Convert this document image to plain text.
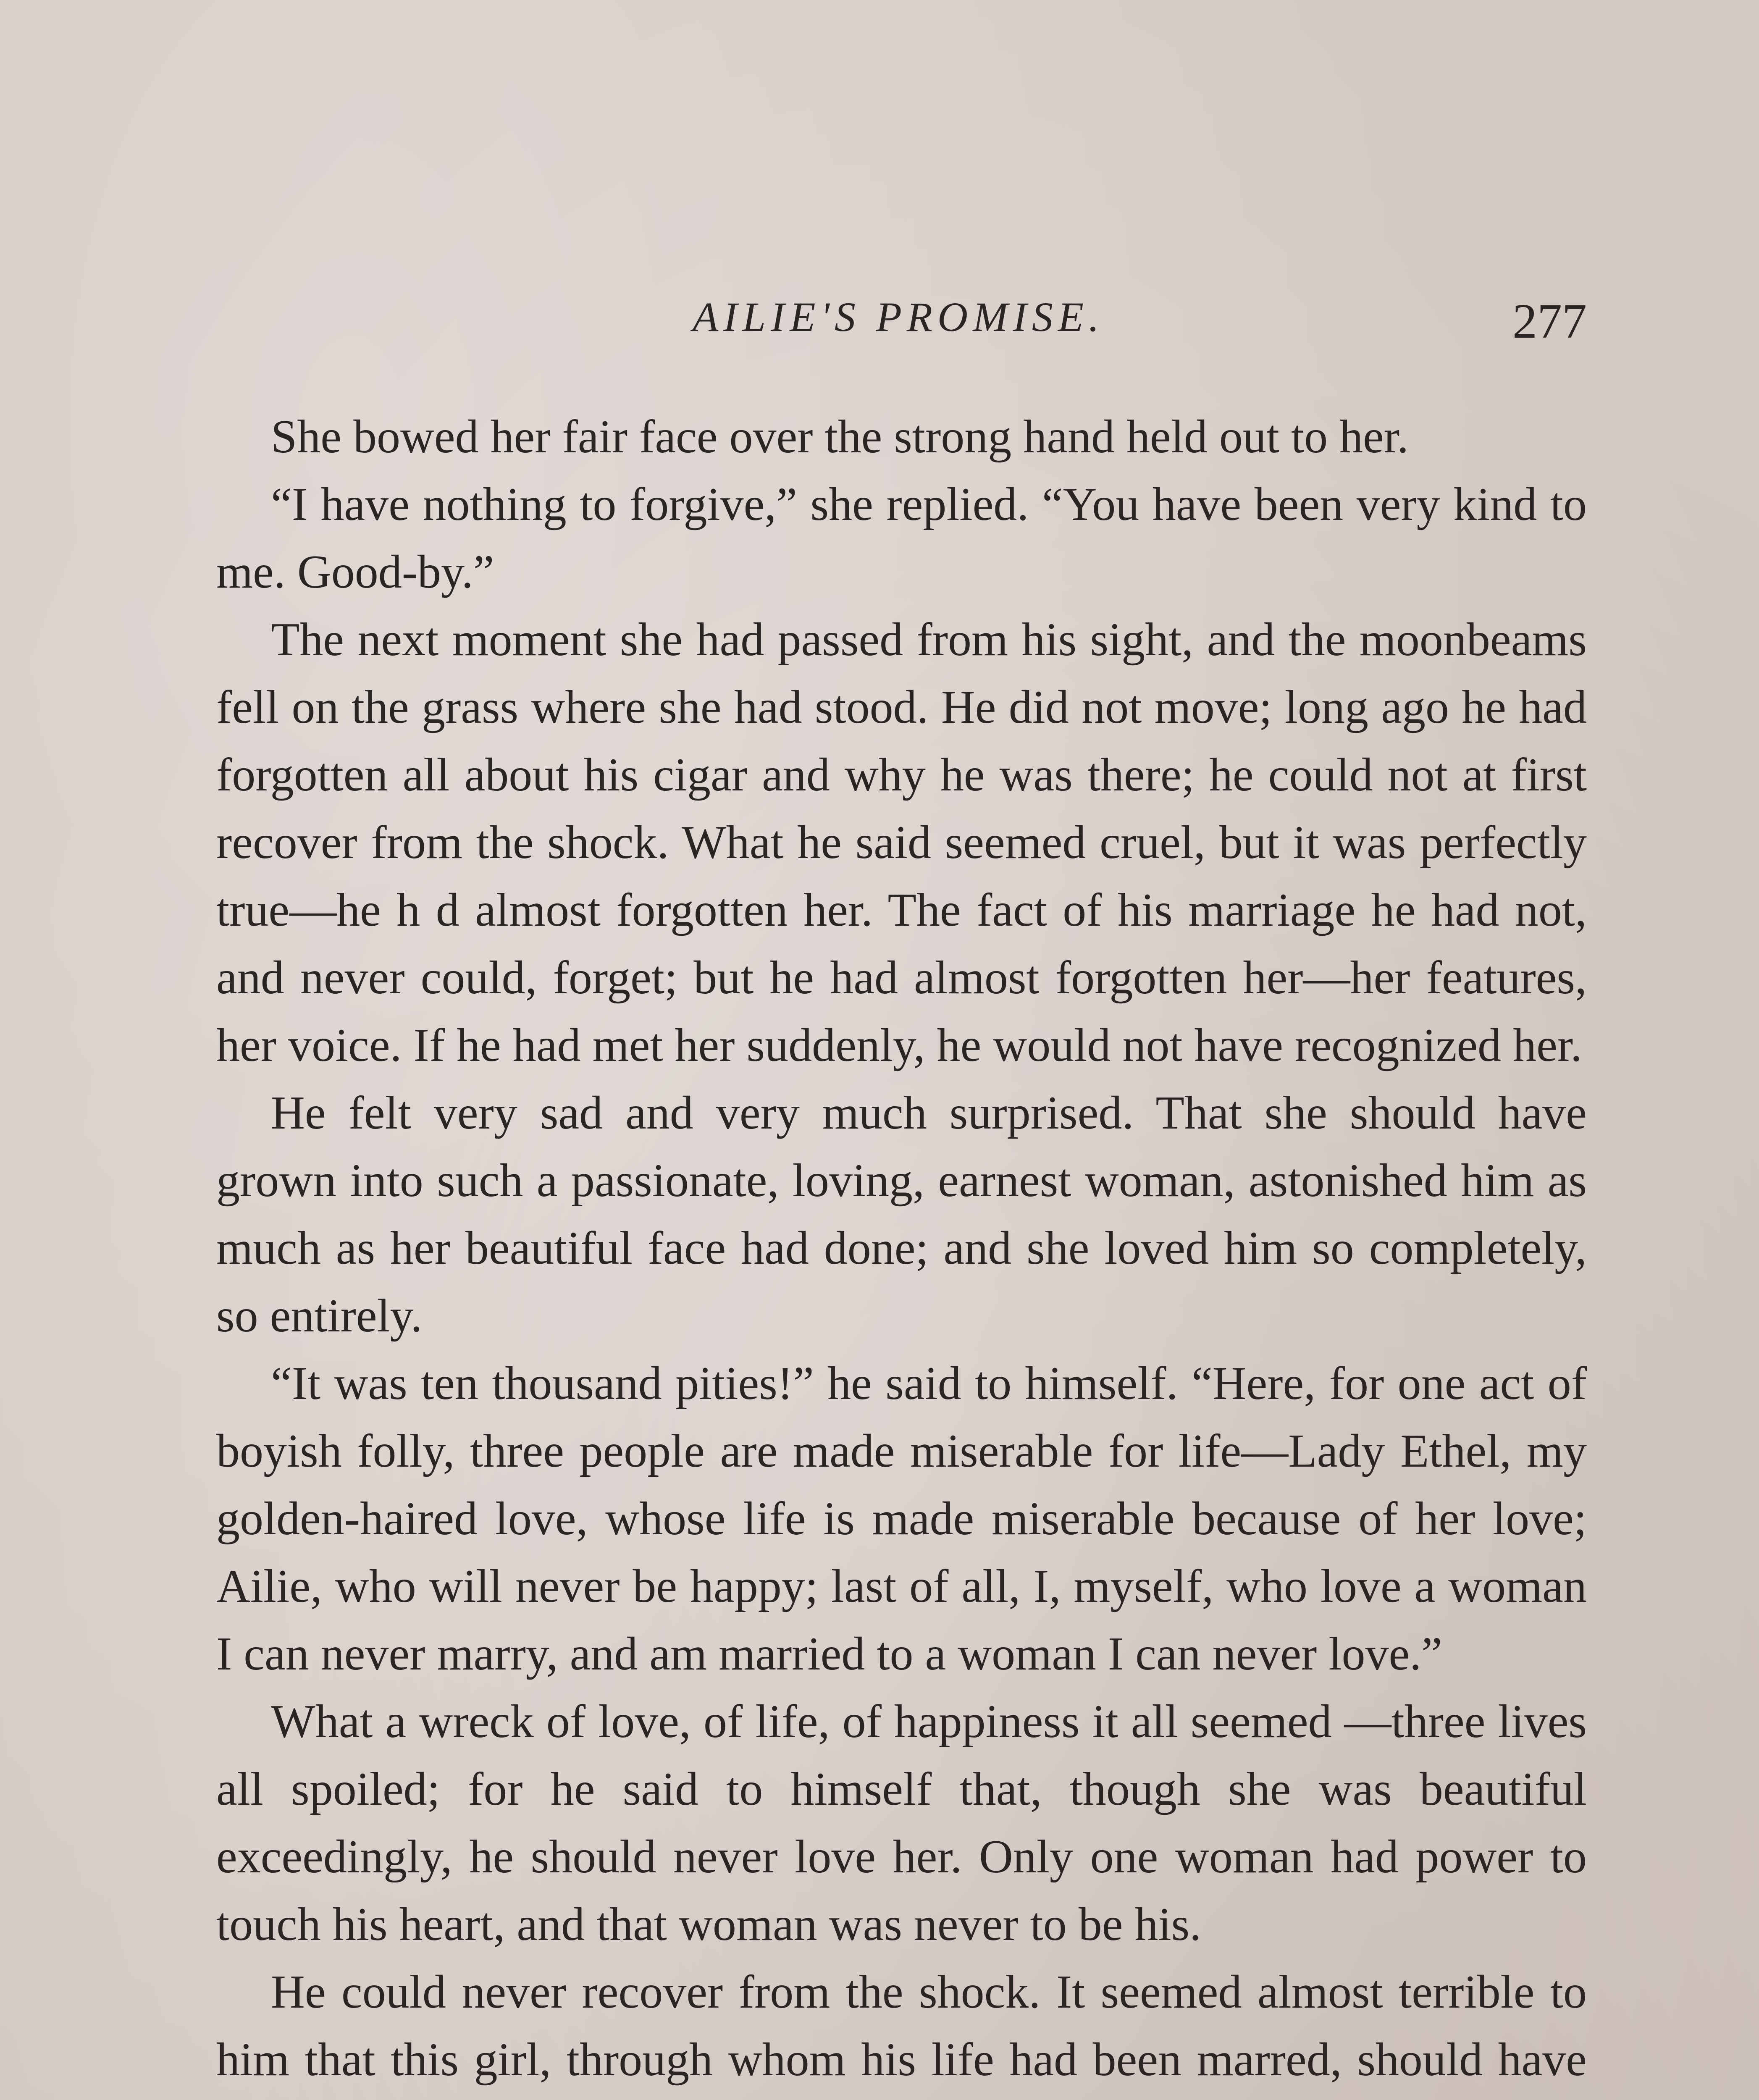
AILIE'S PROMISE.	277

She bowed her fair face over the strong hand held out to her.

“I have nothing to forgive,” she replied. “You have been very kind to me. Good-by.”

The next moment she had passed from his sight, and the moonbeams fell on the grass where she had stood. He did not move; long ago he had forgotten all about his cigar and why he was there; he could not at first recover from the shock. What he said seemed cruel, but it was perfectly true—he h d almost forgotten her. The fact of his marriage he had not, and never could, forget; but he had almost forgotten her—her features, her voice. If he had met her suddenly, he would not have recognized her.

He felt very sad and very much surprised. That she should have grown into such a passionate, loving, earnest woman, astonished him as much as her beautiful face had done; and she loved him so completely, so entirely.

“It was ten thousand pities!” he said to himself. “Here, for one act of boyish folly, three people are made miserable for life—Lady Ethel, my golden-haired love, whose life is made miserable because of her love; Ailie, who will never be happy; last of all, I, myself, who love a woman I can never marry, and am married to a woman I can never love.”

What a wreck of love, of life, of happiness it all seemed —three lives all spoiled; for he said to himself that, though she was beautiful exceedingly, he should never love her. Only one woman had power to touch his heart, and that woman was never to be his.

He could never recover from the shock. It seemed almost terrible to him that this girl, through whom his life had been marred, should have
